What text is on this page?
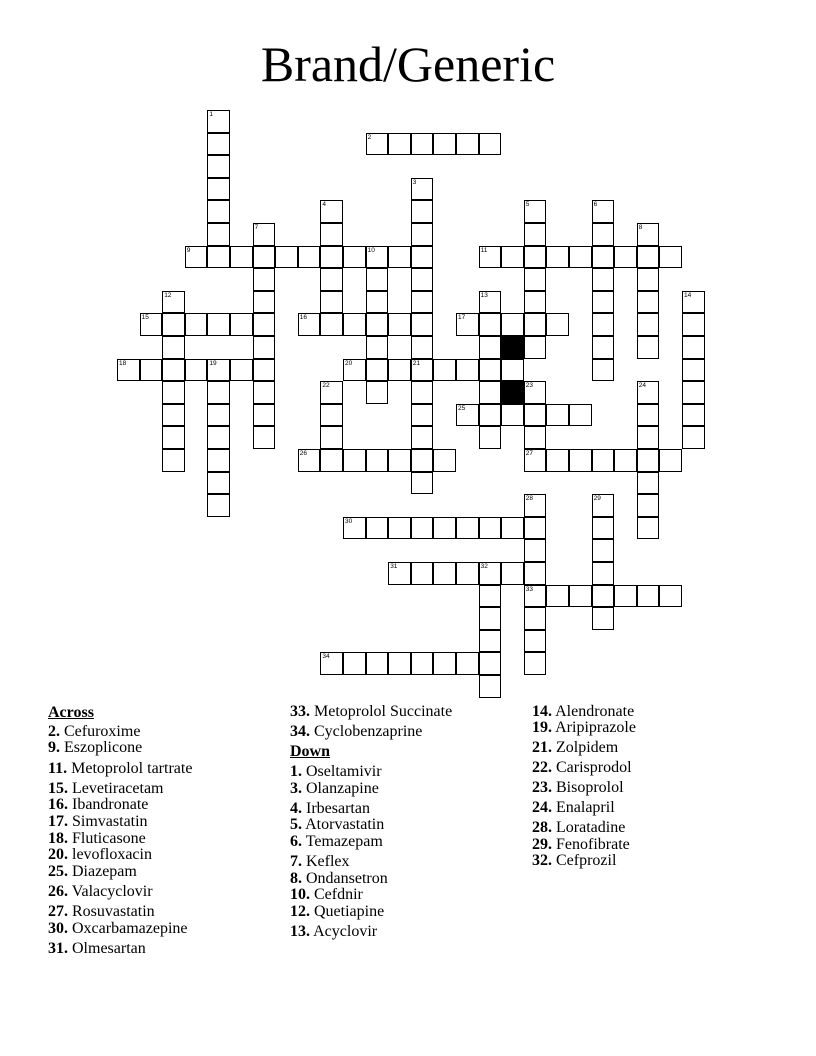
Brand/Generic
1
2
3
21
4	5	6
7	8
9	10	11
12	13	14
15	16	17
18	19	20
22	23
27
24
25
26
28
33
29
30
31	32
34
Across
2. Cefuroxime
9. Eszoplicone
11. Metoprolol tartrate
15. Levetiracetam
16. Ibandronate
17. Simvastatin
18. Fluticasone
20. levofloxacin
25. Diazepam
26. Valacyclovir
27. Rosuvastatin
30. Oxcarbamazepine
31. Olmesartan
33. Metoprolol Succinate
34. Cyclobenzaprine
Down
1. Oseltamivir
3. Olanzapine
4. Irbesartan
5. Atorvastatin
6. Temazepam
7. Keflex
8. Ondansetron
10. Cefdnir
12. Quetiapine
13. Acyclovir
14. Alendronate
19. Aripiprazole
21. Zolpidem
22. Carisprodol
23. Bisoprolol
24. Enalapril
28. Loratadine
29. Fenofibrate
32. Cefprozil
